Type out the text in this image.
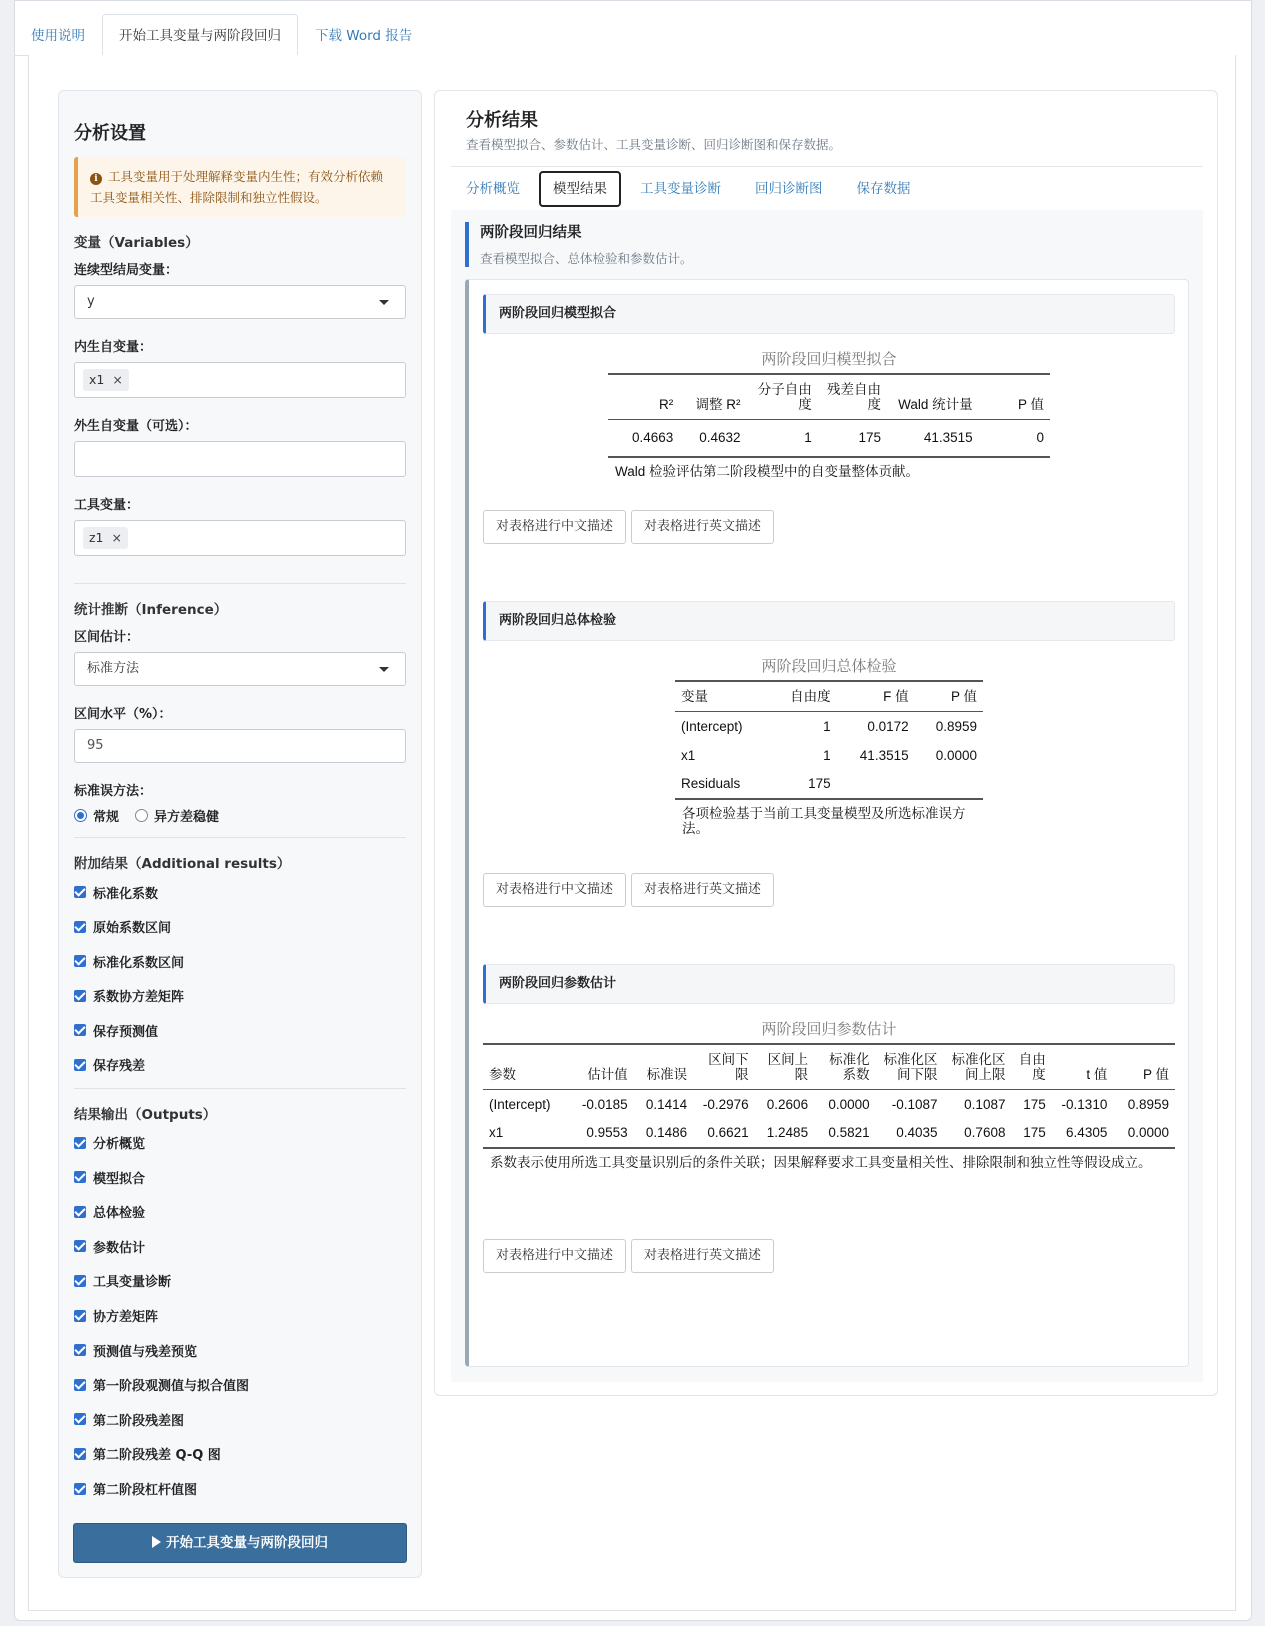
使用说明	开始工具变量与两阶段回归	下载 Word 报告
分析设置
i 工具变量用于处理解释变量内生性；有效分析依赖工具变量相关性、排除限制和独立性假设。
变量（Variables）
连续型结局变量：
y
内生自变量：
x1 ×
外生自变量（可选）：
工具变量：
z1 ×
统计推断（Inference）
区间估计：
标准方法
区间水平（%）：
95
标准误方法：
常规	异方差稳健
附加结果（Additional results）
标准化系数
原始系数区间
标准化系数区间
系数协方差矩阵
保存预测值
保存残差
结果输出（Outputs）
分析概览
模型拟合
总体检验
参数估计
工具变量诊断
协方差矩阵
预测值与残差预览
第一阶段观测值与拟合值图
第二阶段残差图
第二阶段残差 Q-Q 图
第二阶段杠杆值图
开始工具变量与两阶段回归
分析结果
查看模型拟合、参数估计、工具变量诊断、回归诊断图和保存数据。
分析概览	模型结果	工具变量诊断	回归诊断图	保存数据
两阶段回归结果
查看模型拟合、总体检验和参数估计。
两阶段回归模型拟合
两阶段回归模型拟合
R²	调整 R²	分子自由度	残差自由度	Wald 统计量	P 值
0.4663	0.4632	1	175	41.3515	0
Wald 检验评估第二阶段模型中的自变量整体贡献。
对表格进行中文描述	对表格进行英文描述
两阶段回归总体检验
两阶段回归总体检验
变量	自由度	F 值	P 值
(Intercept)	1	0.0172	0.8959
x1	1	41.3515	0.0000
Residuals	175		
各项检验基于当前工具变量模型及所选标准误方法。
对表格进行中文描述	对表格进行英文描述
两阶段回归参数估计
两阶段回归参数估计
参数	估计值	标准误	区间下限	区间上限	标准化系数	标准化区间下限	标准化区间上限	自由度	t 值	P 值
(Intercept)	-0.0185	0.1414	-0.2976	0.2606	0.0000	-0.1087	0.1087	175	-0.1310	0.8959
x1	0.9553	0.1486	0.6621	1.2485	0.5821	0.4035	0.7608	175	6.4305	0.0000
系数表示使用所选工具变量识别后的条件关联；因果解释要求工具变量相关性、排除限制和独立性等假设成立。
对表格进行中文描述	对表格进行英文描述
